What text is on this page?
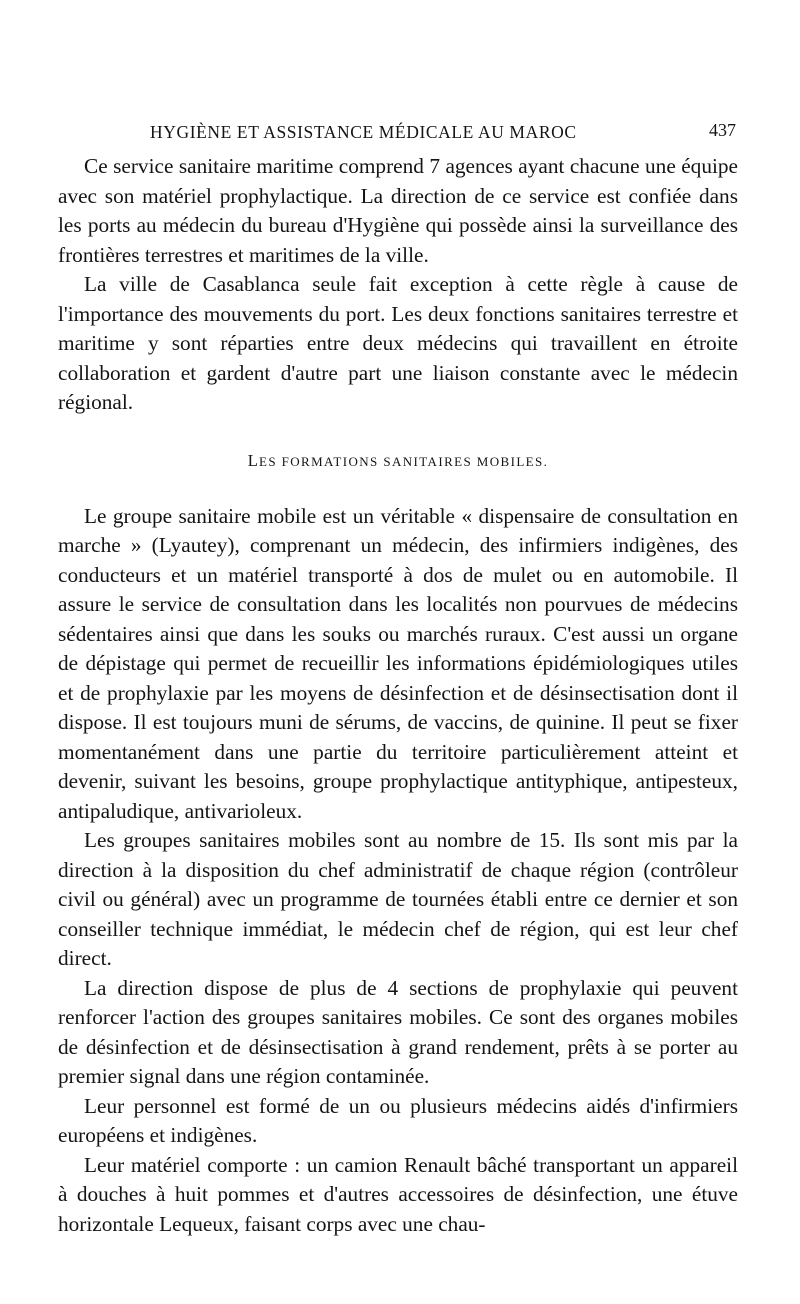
HYGIÈNE ET ASSISTANCE MÉDICALE AU MAROC	437

Ce service sanitaire maritime comprend 7 agences ayant chacune une équipe avec son matériel prophylactique. La direction de ce service est confiée dans les ports au médecin du bureau d'Hygiène qui possède ainsi la surveillance des frontières terrestres et maritimes de la ville.

La ville de Casablanca seule fait exception à cette règle à cause de l'importance des mouvements du port. Les deux fonctions sanitaires terrestre et maritime y sont réparties entre deux médecins qui travaillent en étroite collaboration et gardent d'autre part une liaison constante avec le médecin régional.

LES FORMATIONS SANITAIRES MOBILES.

Le groupe sanitaire mobile est un véritable « dispensaire de consultation en marche » (Lyautey), comprenant un médecin, des infirmiers indigènes, des conducteurs et un matériel transporté à dos de mulet ou en automobile. Il assure le service de consultation dans les localités non pourvues de médecins sédentaires ainsi que dans les souks ou marchés ruraux. C'est aussi un organe de dépistage qui permet de recueillir les informations épidémiologiques utiles et de prophylaxie par les moyens de désinfection et de désinsectisation dont il dispose. Il est toujours muni de sérums, de vaccins, de quinine. Il peut se fixer momentanément dans une partie du territoire particulièrement atteint et devenir, suivant les besoins, groupe prophylactique antityphique, antipesteux, antipaludique, antivarioleux.

Les groupes sanitaires mobiles sont au nombre de 15. Ils sont mis par la direction à la disposition du chef administratif de chaque région (contrôleur civil ou général) avec un programme de tournées établi entre ce dernier et son conseiller technique immédiat, le médecin chef de région, qui est leur chef direct.

La direction dispose de plus de 4 sections de prophylaxie qui peuvent renforcer l'action des groupes sanitaires mobiles. Ce sont des organes mobiles de désinfection et de désinsectisation à grand rendement, prêts à se porter au premier signal dans une région contaminée.

Leur personnel est formé de un ou plusieurs médecins aidés d'infirmiers européens et indigènes.

Leur matériel comporte : un camion Renault bâché transportant un appareil à douches à huit pommes et d'autres accessoires de désinfection, une étuve horizontale Lequeux, faisant corps avec une chau-
